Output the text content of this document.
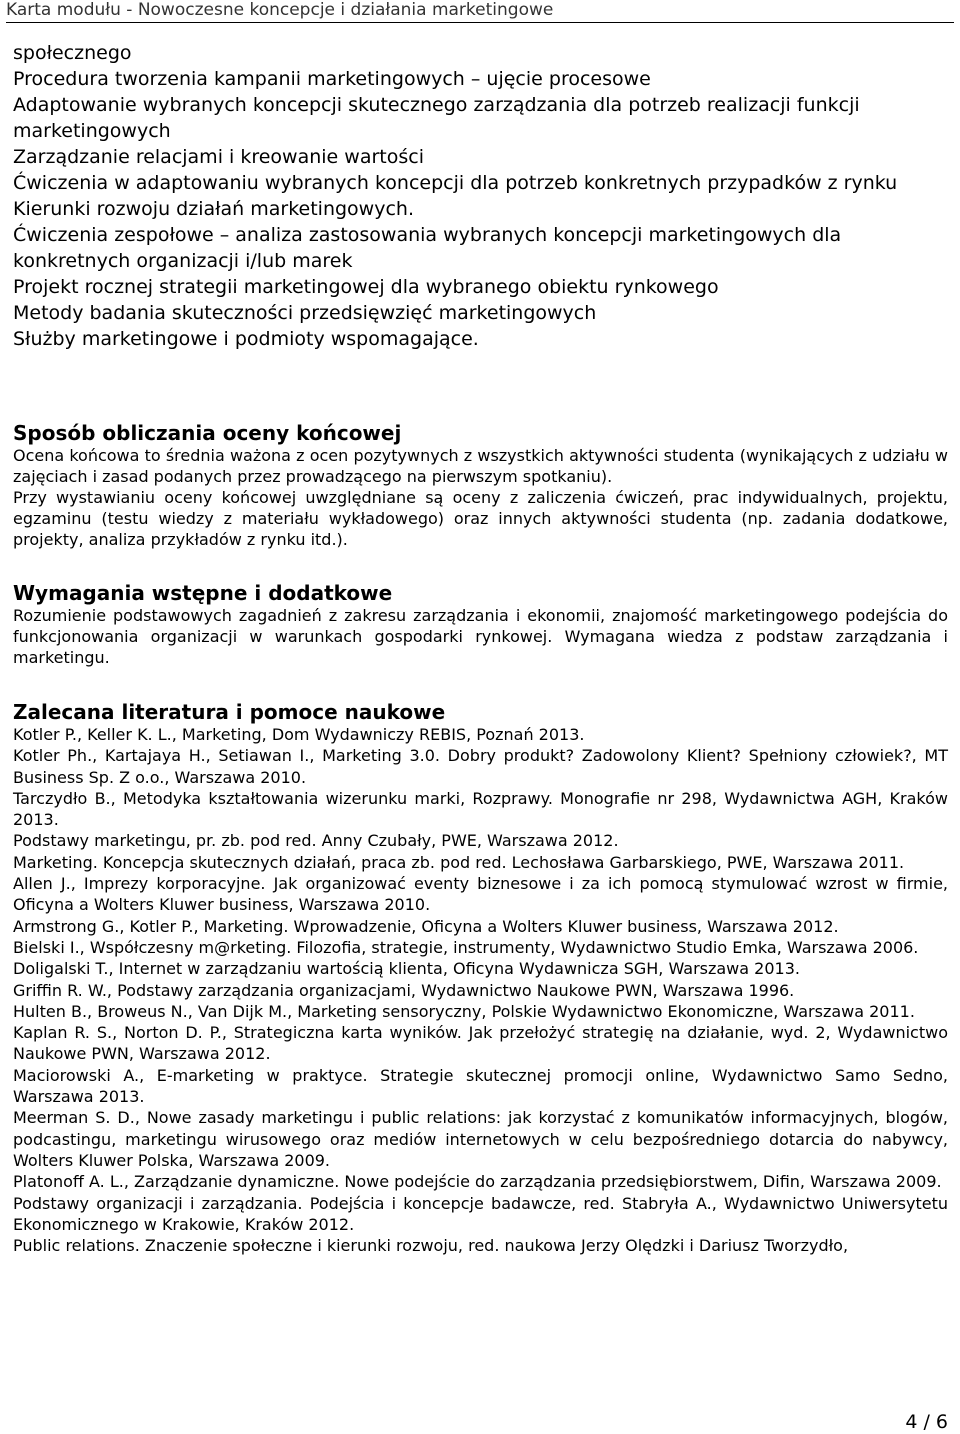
Karta modułu - Nowoczesne koncepcje i działania marketingowe
społecznego
Procedura tworzenia kampanii marketingowych – ujęcie procesowe
Adaptowanie wybranych koncepcji skutecznego zarządzania dla potrzeb realizacji funkcji marketingowych
Zarządzanie relacjami i kreowanie wartości
Ćwiczenia w adaptowaniu wybranych koncepcji dla potrzeb konkretnych przypadków z rynku
Kierunki rozwoju działań marketingowych.
Ćwiczenia zespołowe – analiza zastosowania wybranych koncepcji marketingowych dla konkretnych organizacji i/lub marek
Projekt rocznej strategii marketingowej dla wybranego obiektu rynkowego
Metody badania skuteczności przedsięwzięć marketingowych
Służby marketingowe i podmioty wspomagające.
Sposób obliczania oceny końcowej

Ocena końcowa to średnia ważona z ocen pozytywnych z wszystkich aktywności studenta (wynikających z udziału w zajęciach i zasad podanych przez prowadzącego na pierwszym spotkaniu).

Przy wystawianiu oceny końcowej uwzględniane są oceny z zaliczenia ćwiczeń, prac indywidualnych, projektu, egzaminu (testu wiedzy z materiału wykładowego) oraz innych aktywności studenta (np. zadania dodatkowe, projekty, analiza przykładów z rynku itd.).

Wymagania wstępne i dodatkowe

Rozumienie podstawowych zagadnień z zakresu zarządzania i ekonomii, znajomość marketingowego podejścia do funkcjonowania organizacji w warunkach gospodarki rynkowej. Wymagana wiedza z podstaw zarządzania i marketingu.

Zalecana literatura i pomoce naukowe
Kotler P., Keller K. L., Marketing, Dom Wydawniczy REBIS, Poznań 2013.
Kotler Ph., Kartajaya H., Setiawan I., Marketing 3.0. Dobry produkt? Zadowolony Klient? Spełniony człowiek?, MT Business Sp. Z o.o., Warszawa 2010.
Tarczydło B., Metodyka kształtowania wizerunku marki, Rozprawy. Monografie nr 298, Wydawnictwa AGH, Kraków 2013.
Podstawy marketingu, pr. zb. pod red. Anny Czubały, PWE, Warszawa 2012.
Marketing. Koncepcja skutecznych działań, praca zb. pod red. Lechosława Garbarskiego, PWE, Warszawa 2011.
Allen J., Imprezy korporacyjne. Jak organizować eventy biznesowe i za ich pomocą stymulować wzrost w firmie, Oficyna a Wolters Kluwer business, Warszawa 2010.
Armstrong G., Kotler P., Marketing. Wprowadzenie, Oficyna a Wolters Kluwer business, Warszawa 2012.
Bielski I., Współczesny m@rketing. Filozofia, strategie, instrumenty, Wydawnictwo Studio Emka, Warszawa 2006.
Doligalski T., Internet w zarządzaniu wartością klienta, Oficyna Wydawnicza SGH, Warszawa 2013.
Griffin R. W., Podstawy zarządzania organizacjami, Wydawnictwo Naukowe PWN, Warszawa 1996.
Hulten B., Broweus N., Van Dijk M., Marketing sensoryczny, Polskie Wydawnictwo Ekonomiczne, Warszawa 2011.
Kaplan R. S., Norton D. P., Strategiczna karta wyników. Jak przełożyć strategię na działanie, wyd. 2, Wydawnictwo Naukowe PWN, Warszawa 2012.
Maciorowski A., E-marketing w praktyce. Strategie skutecznej promocji online, Wydawnictwo Samo Sedno, Warszawa 2013.
Meerman S. D., Nowe zasady marketingu i public relations: jak korzystać z komunikatów informacyjnych, blogów, podcastingu, marketingu wirusowego oraz mediów internetowych w celu bezpośredniego dotarcia do nabywcy, Wolters Kluwer Polska, Warszawa 2009.
Platonoff A. L., Zarządzanie dynamiczne. Nowe podejście do zarządzania przedsiębiorstwem, Difin, Warszawa 2009.
Podstawy organizacji i zarządzania. Podejścia i koncepcje badawcze, red. Stabryła A., Wydawnictwo Uniwersytetu Ekonomicznego w Krakowie, Kraków 2012.
Public relations. Znaczenie społeczne i kierunki rozwoju, red. naukowa Jerzy Olędzki i Dariusz Tworzydło,
4 / 6
